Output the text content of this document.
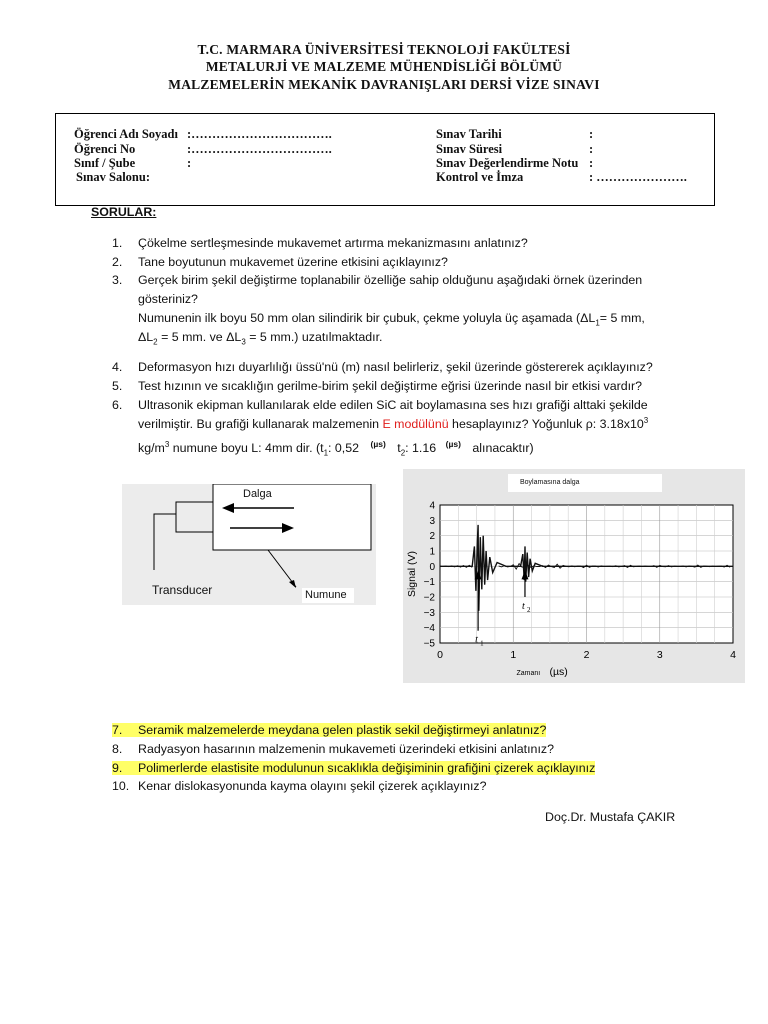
T.C. MARMARA ÜNİVERSİTESİ TEKNOLOJİ FAKÜLTESİ
METALURJİ VE MALZEME MÜHENDİSLİĞİ BÖLÜMÜ
MALZEMELERİN MEKANİK DAVRANIŞLARI DERSİ VİZE SINAVI
Öğrenci Adı Soyadı :…………………………….
Öğrenci No	:…………………………….
Sınıf / Şube	:
Sınav Salonu:
Sınav Tarihi	:
Sınav Süresi	:
Sınav Değerlendirme Notu :
Kontrol ve İmza	: ………………….
SORULAR:
1. Çökelme sertleşmesinde mukavemet artırma mekanizmasını anlatınız?
2. Tane boyutunun mukavemet üzerine etkisini açıklayınız?
3. Gerçek birim şekil değiştirme toplanabilir özelliğe sahip olduğunu aşağıdaki örnek üzerinden
gösteriniz?
Numunenin ilk boyu 50 mm olan silindirik bir çubuk, çekme yoluyla üç aşamada ($\Delta L_1= 5$ mm,
$\Delta L_2 = 5$ mm. ve $\Delta L_3 = 5$ mm.) uzatılmaktadır.
4. Deformasyon hızı duyarlılığı üssü'nü (m) nasıl belirleriz, şekil üzerinde göstererek açıklayınız?
5. Test hızının ve sıcaklığın gerilme-birim şekil değiştirme eğrisi üzerinde nasıl bir etkisi vardır?
6. Ultrasonik ekipman kullanılarak elde edilen SiC ait boylamasına ses hızı grafiği alttaki şekilde
verilmiştir. Bu grafiği kullanarak malzemenin E modülünü hesaplayınız? Yoğunluk ρ: $3.18x10^3$
$kg/m^3$ numune boyu L: 4mm dir. ($t_1$: 0,52 $^{(\mu s)}$ $t_2$: 1.16 $^{(\mu s)}$ alınacaktır)
Dalga
Transducer	Numune
Boylamasına dalga
4
3
2
1
0
−1
−2
−3
−4
−5
0	1	2	3	4
Signal (V)
Zamanı (µs)
t 1
t 2
7. Seramik malzemelerde meydana gelen plastik sekil değiştirmeyi anlatınız?
8. Radyasyon hasarının malzemenin mukavemeti üzerindeki etkisini anlatınız?
9. Polimerlerde elastisite modulunun sıcaklıkla değişiminin grafiğini çizerek açıklayınız
10. Kenar dislokasyonunda kayma olayını şekil çizerek açıklayınız?
Doç.Dr. Mustafa ÇAKIR
